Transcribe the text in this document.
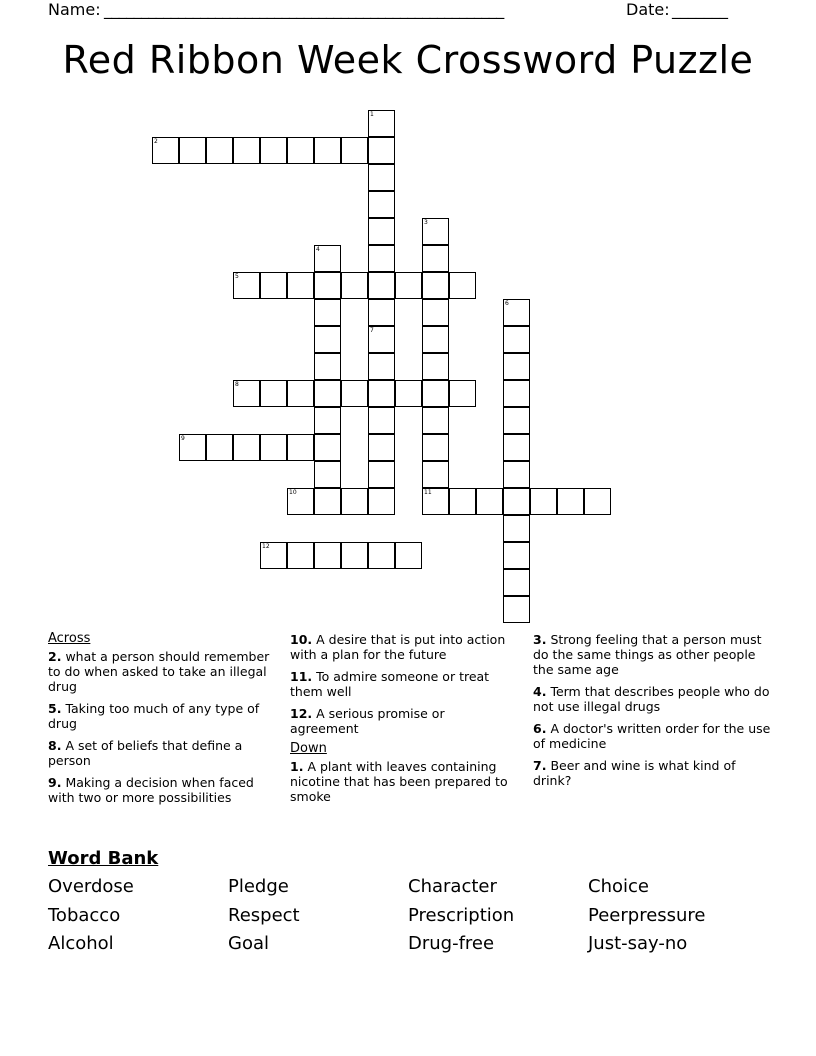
Name: ______________________________________________________	Date: _______
Red Ribbon Week Crossword Puzzle
1
7
2
3
11
4
5
6
8
9
10
12
Across
2. what a person should remember to do when asked to take an illegal drug
5. Taking too much of any type of drug
8. A set of beliefs that define a person
9. Making a decision when faced with two or more possibilities
10. A desire that is put into action with a plan for the future
11. To admire someone or treat them well
12. A serious promise or agreement
Down
1. A plant with leaves containing nicotine that has been prepared to smoke
3. Strong feeling that a person must do the same things as other people the same age
4. Term that describes people who do not use illegal drugs
6. A doctor's written order for the use of medicine
7. Beer and wine is what kind of drink?
Word Bank
Overdose	Pledge	Character	Choice
Tobacco	Respect	Prescription	Peerpressure
Alcohol	Goal	Drug-free	Just-say-no
